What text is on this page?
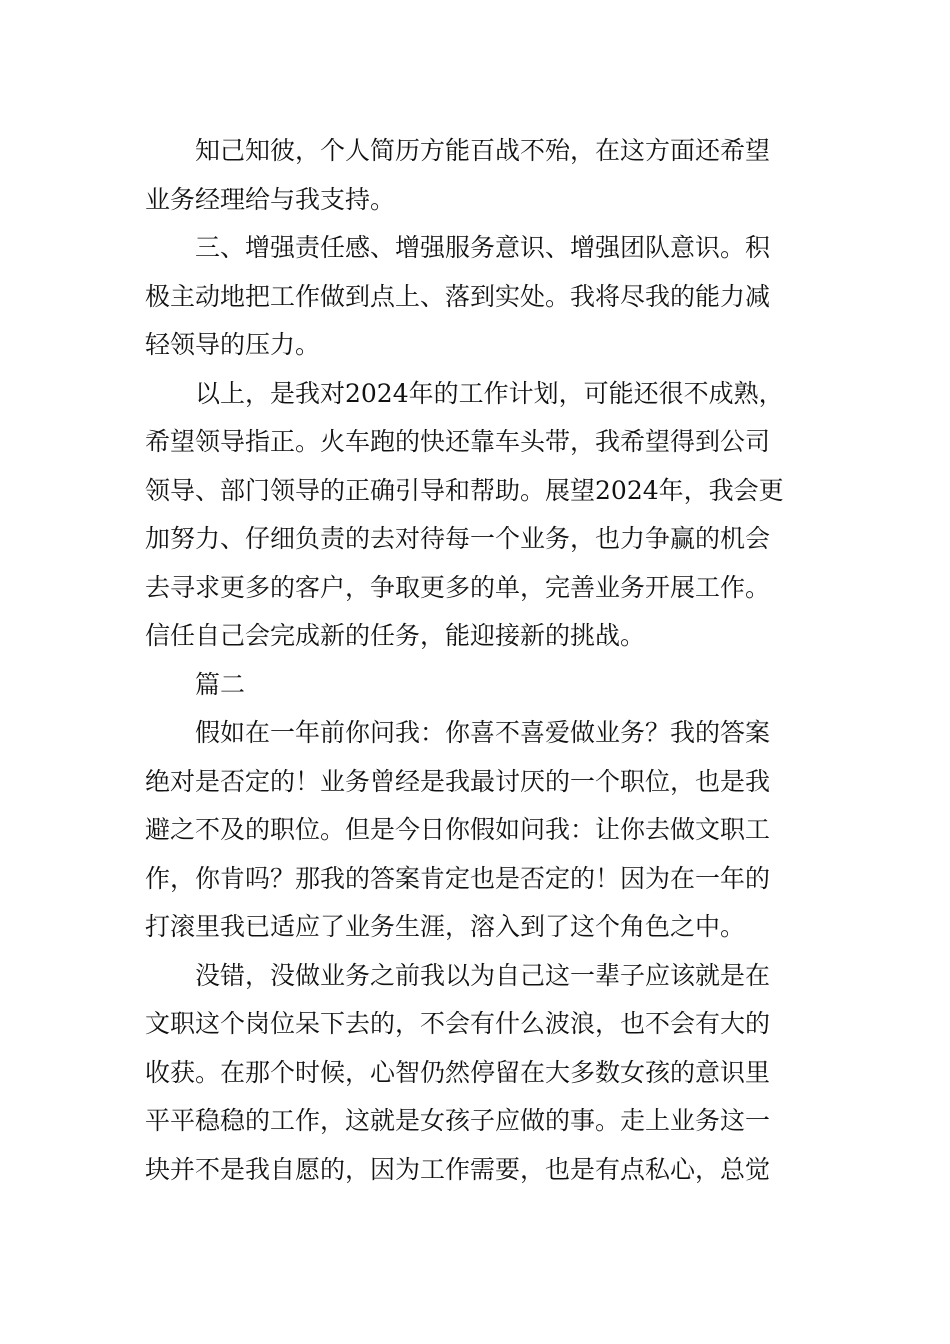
知己知彼，个人简历方能百战不殆，在这方面还希望
业务经理给与我支持。
三、增强责任感、增强服务意识、增强团队意识。积
极主动地把工作做到点上、落到实处。我将尽我的能力减
轻领导的压力。
以上，是我对2024年的工作计划，可能还很不成熟，
希望领导指正。火车跑的快还靠车头带，我希望得到公司
领导、部门领导的正确引导和帮助。展望2024年，我会更
加努力、仔细负责的去对待每一个业务，也力争赢的机会
去寻求更多的客户，争取更多的单，完善业务开展工作。
信任自己会完成新的任务，能迎接新的挑战。
篇二
假如在一年前你问我：你喜不喜爱做业务？我的答案
绝对是否定的！业务曾经是我最讨厌的一个职位，也是我
避之不及的职位。但是今日你假如问我：让你去做文职工
作，你肯吗？那我的答案肯定也是否定的！因为在一年的
打滚里我已适应了业务生涯，溶入到了这个角色之中。
没错，没做业务之前我以为自己这一辈子应该就是在
文职这个岗位呆下去的，不会有什么波浪，也不会有大的
收获。在那个时候，心智仍然停留在大多数女孩的意识里
平平稳稳的工作，这就是女孩子应做的事。走上业务这一
块并不是我自愿的，因为工作需要，也是有点私心，总觉
